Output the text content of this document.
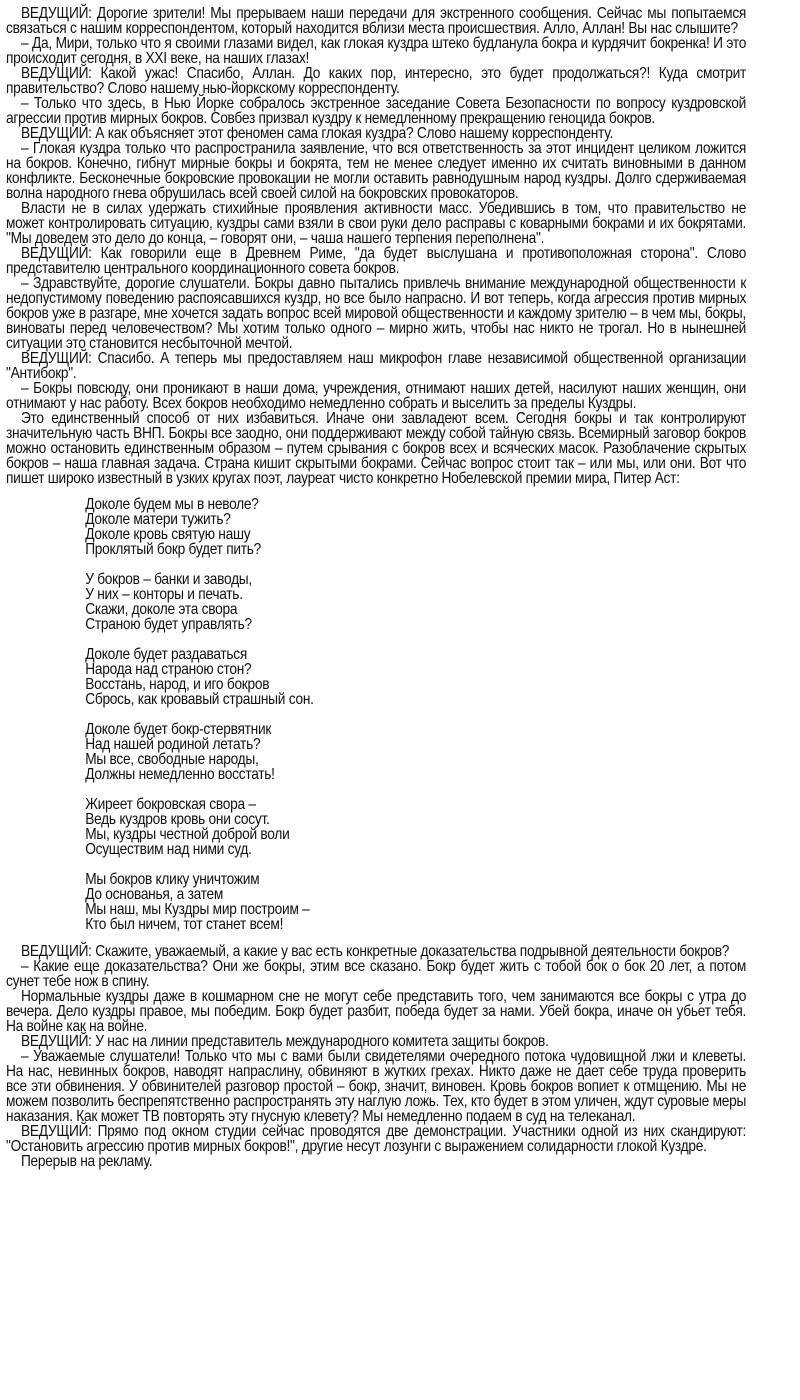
ВЕДУЩИЙ: Дорогие зрители! Мы прерываем наши передачи для экстренного сообщения. Сейчас мы попытаемся связаться с нашим корреспондентом, который находится вблизи места происшествия. Алло, Аллан! Вы нас слышите?

– Да, Мири, только что я своими глазами видел, как глокая куздра штеко будланула бокра и курдячит бокренка! И это происходит сегодня, в XXI веке, на наших глазах!

ВЕДУЩИЙ: Какой ужас! Спасибо, Аллан. До каких пор, интересно, это будет продолжаться?! Куда смотрит правительство? Слово нашему нью-йоркскому корреспонденту.

– Только что здесь, в Нью Йорке собралось экстренное заседание Совета Безопасности по вопросу куздровской агрессии против мирных бокров. Совбез призвал куздру к немедленному прекращению геноцида бокров.

ВЕДУЩИЙ: А как объясняет этот феномен сама глокая куздра? Слово нашему корреспонденту.

– Глокая куздра только что распространила заявление, что вся ответственность за этот инцидент целиком ложится на бокров. Конечно, гибнут мирные бокры и бокрята, тем не менее следует именно их считать виновными в данном конфликте. Бесконечные бокровские провокации не могли оставить равнодушным народ куздры. Долго сдерживаемая волна народного гнева обрушилась всей своей силой на бокровских провокаторов.

Власти не в силах удержать стихийные проявления активности масс. Убедившись в том, что правительство не может контролировать ситуацию, куздры сами взяли в свои руки дело расправы с коварными бокрами и их бокрятами. "Мы доведем это дело до конца, – говорят они, – чаша нашего терпения переполнена".

ВЕДУЩИЙ: Как говорили еще в Древнем Риме, "да будет выслушана и противоположная сторона". Слово представителю центрального координационного совета бокров.

– Здравствуйте, дорогие слушатели. Бокры давно пытались привлечь внимание международной общественности к недопустимому поведению распоясавшихся куздр, но все было напрасно. И вот теперь, когда агрессия против мирных бокров уже в разгаре, мне хочется задать вопрос всей мировой общественности и каждому зрителю – в чем мы, бокры, виноваты перед человечеством? Мы хотим только одного – мирно жить, чтобы нас никто не трогал. Но в нынешней ситуации это становится несбыточной мечтой.

ВЕДУЩИЙ: Спасибо. А теперь мы предоставляем наш микрофон главе независимой общественной организации "Антибокр".

– Бокры повсюду, они проникают в наши дома, учреждения, отнимают наших детей, насилуют наших женщин, они отнимают у нас работу. Всех бокров необходимо немедленно собрать и выселить за пределы Куздры.

Это единственный способ от них избавиться. Иначе они завладеют всем. Сегодня бокры и так контролируют значительную часть ВНП. Бокры все заодно, они поддерживают между собой тайную связь. Всемирный заговор бокров можно остановить единственным образом – путем срывания с бокров всех и всяческих масок. Разоблачение скрытых бокров – наша главная задача. Страна кишит скрытыми бокрами. Сейчас вопрос стоит так – или мы, или они. Вот что пишет широко известный в узких кругах поэт, лауреат чисто конкретно Нобелевской премии мира, Питер Аст:

Доколе будем мы в неволе?
Доколе матери тужить?
Доколе кровь святую нашу
Проклятый бокр будет пить?
У бокров – банки и заводы,
У них – конторы и печать.
Скажи, доколе эта свора
Страною будет управлять?
Доколе будет раздаваться
Народа над страною стон?
Восстань, народ, и иго бокров
Сбрось, как кровавый страшный сон.
Доколе будет бокр-стервятник
Над нашей родиной летать?
Мы все, свободные народы,
Должны немедленно восстать!
Жиреет бокровская свора –
Ведь куздров кровь они сосут.
Мы, куздры честной доброй воли
Осуществим над ними суд.
Мы бокров клику уничтожим
До основанья, а затем
Мы наш, мы Куздры мир построим –
Кто был ничем, тот станет всем!

ВЕДУЩИЙ: Скажите, уважаемый, а какие у вас есть конкретные доказательства подрывной деятельности бокров?

– Какие еще доказательства? Они же бокры, этим все сказано. Бокр будет жить с тобой бок о бок 20 лет, а потом сунет тебе нож в спину.

Нормальные куздры даже в кошмарном сне не могут себе представить того, чем занимаются все бокры с утра до вечера. Дело куздры правое, мы победим. Бокр будет разбит, победа будет за нами. Убей бокра, иначе он убьет тебя. На войне как на войне.

ВЕДУЩИЙ: У нас на линии представитель международного комитета защиты бокров.

– Уважаемые слушатели! Только что мы с вами были свидетелями очередного потока чудовищной лжи и клеветы. На нас, невинных бокров, наводят напраслину, обвиняют в жутких грехах. Никто даже не дает себе труда проверить все эти обвинения. У обвинителей разговор простой – бокр, значит, виновен. Кровь бокров вопиет к отмщению. Мы не можем позволить беспрепятственно распространять эту наглую ложь. Тех, кто будет в этом уличен, ждут суровые меры наказания. Как может ТВ повторять эту гнусную клевету? Мы немедленно подаем в суд на телеканал.

ВЕДУЩИЙ: Прямо под окном студии сейчас проводятся две демонстрации. Участники одной из них скандируют: "Остановить агрессию против мирных бокров!", другие несут лозунги с выражением солидарности глокой Куздре.

Перерыв на рекламу.
